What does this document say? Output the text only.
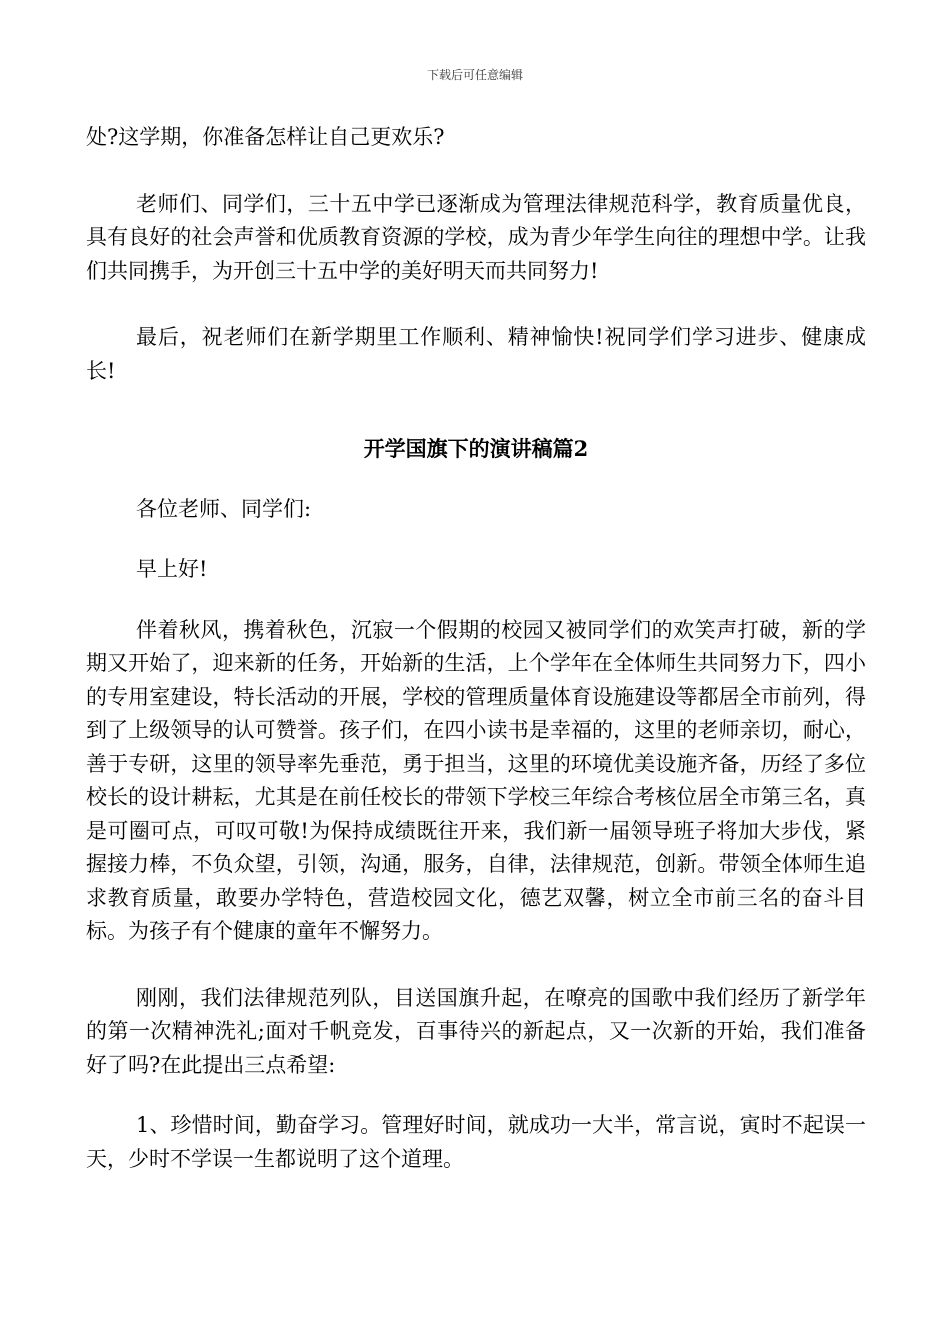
下载后可任意编辑

处?这学期，你准备怎样让自己更欢乐?

老师们、同学们，三十五中学已逐渐成为管理法律规范科学，教育质量优良，具有良好的社会声誉和优质教育资源的学校，成为青少年学生向往的理想中学。让我们共同携手，为开创三十五中学的美好明天而共同努力!

最后，祝老师们在新学期里工作顺利、精神愉快!祝同学们学习进步、健康成长!

开学国旗下的演讲稿篇2

各位老师、同学们:

早上好!

伴着秋风，携着秋色，沉寂一个假期的校园又被同学们的欢笑声打破，新的学期又开始了，迎来新的任务，开始新的生活，上个学年在全体师生共同努力下，四小的专用室建设，特长活动的开展，学校的管理质量体育设施建设等都居全市前列，得到了上级领导的认可赞誉。孩子们，在四小读书是幸福的，这里的老师亲切，耐心，善于专研，这里的领导率先垂范，勇于担当，这里的环境优美设施齐备，历经了多位校长的设计耕耘，尤其是在前任校长的带领下学校三年综合考核位居全市第三名，真是可圈可点，可叹可敬!为保持成绩既往开来，我们新一届领导班子将加大步伐，紧握接力棒，不负众望，引领，沟通，服务，自律，法律规范，创新。带领全体师生追求教育质量，敢要办学特色，营造校园文化，德艺双馨，树立全市前三名的奋斗目标。为孩子有个健康的童年不懈努力。

刚刚，我们法律规范列队，目送国旗升起，在嘹亮的国歌中我们经历了新学年的第一次精神洗礼;面对千帆竞发，百事待兴的新起点，又一次新的开始，我们准备好了吗?在此提出三点希望:

1、珍惜时间，勤奋学习。管理好时间，就成功一大半，常言说，寅时不起误一天，少时不学误一生都说明了这个道理。
